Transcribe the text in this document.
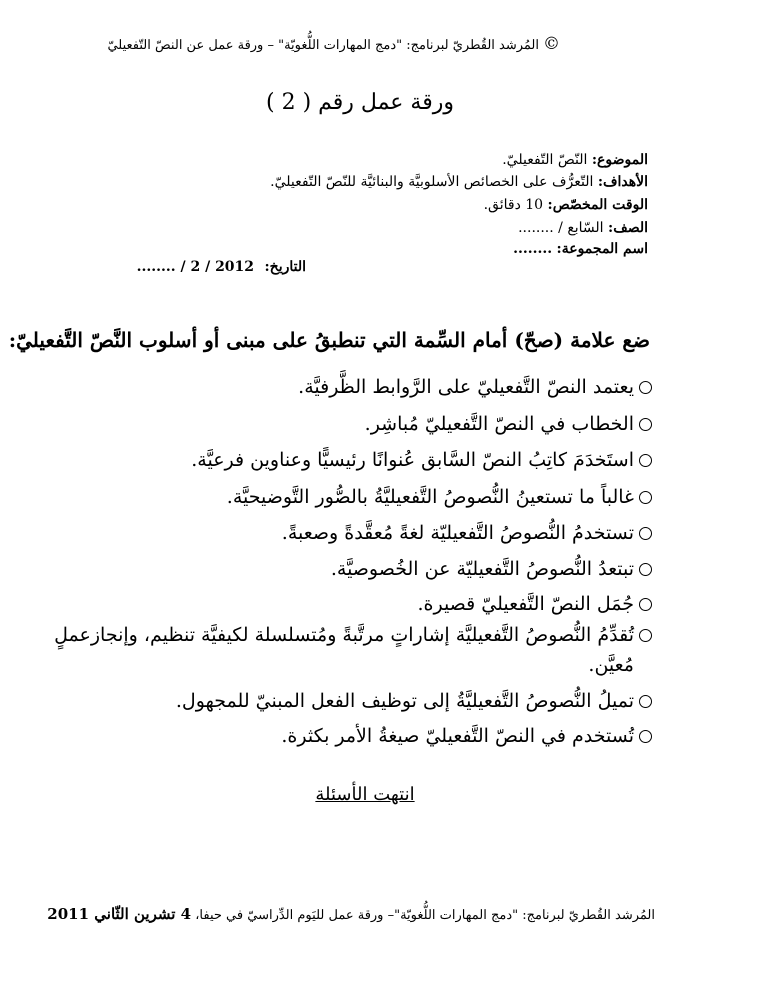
©المُرشد القُطريّ لبرنامج: "دمج المهارات اللُّغويّة" – ورقة عمل عن النصّ التّفعيليّ
ورقة عمل رقم ( 2 )
الموضوع: النّصّ التّفعيليّ.
الأهداف: التّعرُّف على الخصائص الأسلوبيَّة والبنائيَّة للنّصّ التّفعيليّ.
الوقت المخصّص: 10 دقائق.
الصف: السّابع / ........
اسم المجموعة: ........
التاريخ: ........ / 2 / 2012
ضع علامة (صحّ) أمام السِّمة التي تنطبقُ على مبنى أو أسلوب النَّصّ التَّفعيليّ:
يعتمد النصّ التَّفعيليّ على الرَّوابط الظَّرفيَّة.
الخطاب في النصّ التَّفعيليّ مُباشِر.
استَخدَمَ كاتِبُ النصّ السَّابق عُنوانًا رئيسيًّا وعناوين فرعيَّة.
غالباً ما تستعينُ النُّصوصُ التَّفعيليَّةُ بالصُّور التَّوضيحيَّة.
تستخدمُ النُّصوصُ التَّفعيليّة لغةً مُعقَّدةً وصعبةً.
تبتعدُ النُّصوصُ التَّفعيليّة عن الخُصوصيَّة.
جُمَل النصّ التَّفعيليّ قصيرة.
تُقدِّمُ النُّصوصُ التَّفعيليَّة إشاراتٍ مرتَّبةً ومُتسلسلة لكيفيَّة تنظيم، وإنجازعملٍ مُعيَّن.
تميلُ النُّصوصُ التَّفعيليَّةُ إلى توظيف الفعل المبنيّ للمجهول.
تُستخدم في النصّ التَّفعيليّ صيغةُ الأمر بكثرة.
انتهت الأسئلة
المُرشد القُطريّ لبرنامج: "دمج المهارات اللُّغويّة"– ورقة عمل لليَوم الدِّراسيّ في حيفا، 4 تشرين الثّاني 2011
